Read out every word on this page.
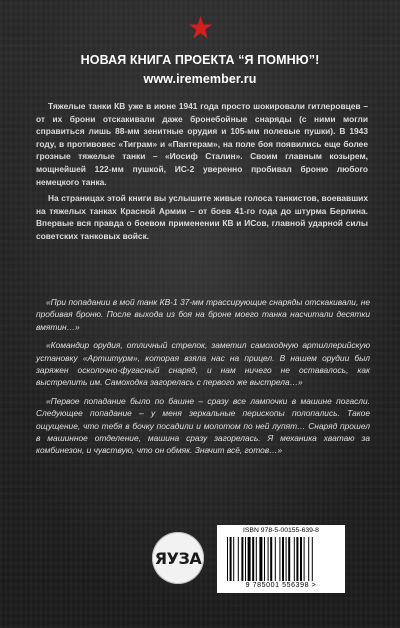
НОВАЯ КНИГА ПРОЕКТА “Я ПОМНЮ”!
www.iremember.ru

Тяжелые танки КВ уже в июне 1941 года просто шокировали гитлеровцев – от их брони отскакивали даже бронебойные снаряды (с ними могли справиться лишь 88-мм зенитные орудия и 105-мм полевые пушки). В 1943 году, в противовес «Тиграм» и «Пантерам», на поле боя появились еще более грозные тяжелые танки – «Иосиф Сталин». Своим главным козырем, мощнейшей 122-мм пушкой, ИС-2 уверенно пробивал броню любого немецкого танка.

На страницах этой книги вы услышите живые голоса танкистов, воевавших на тяжелых танках Красной Армии – от боев 41-го года до штурма Берлина. Впервые вся правда о боевом применении КВ и ИСов, главной ударной силы советских танковых войск.

«При попадании в мой танк КВ-1 37-мм трассирующие снаряды отскакивали, не пробивая броню. После выхода из боя на броне моего танка насчитали десятки вмятин…»

«Командир орудия, отличный стрелок, заметил самоходную артиллерийскую установку «Артштурм», которая взяла нас на прицел. В нашем орудии был заряжен осколочно-фугасный снаряд, и нам ничего не оставалось, как выстрелить им. Самоходка загорелась с первого же выстрела…»

«Первое попадание было по башне – сразу все лампочки в машине погасли. Следующее попадание – у меня зеркальные перископы полопались. Такое ощущение, что тебя в бочку посадили и молотом по ней лупят… Снаряд прошел в машинное отделение, машина сразу загорелась. Я механика хватаю за комбинезон, и чувствую, что он обмяк. Значит всё, готов…»

ЯУЗА
ISBN 978-5-00155-639-8
9 785001 556398 >
